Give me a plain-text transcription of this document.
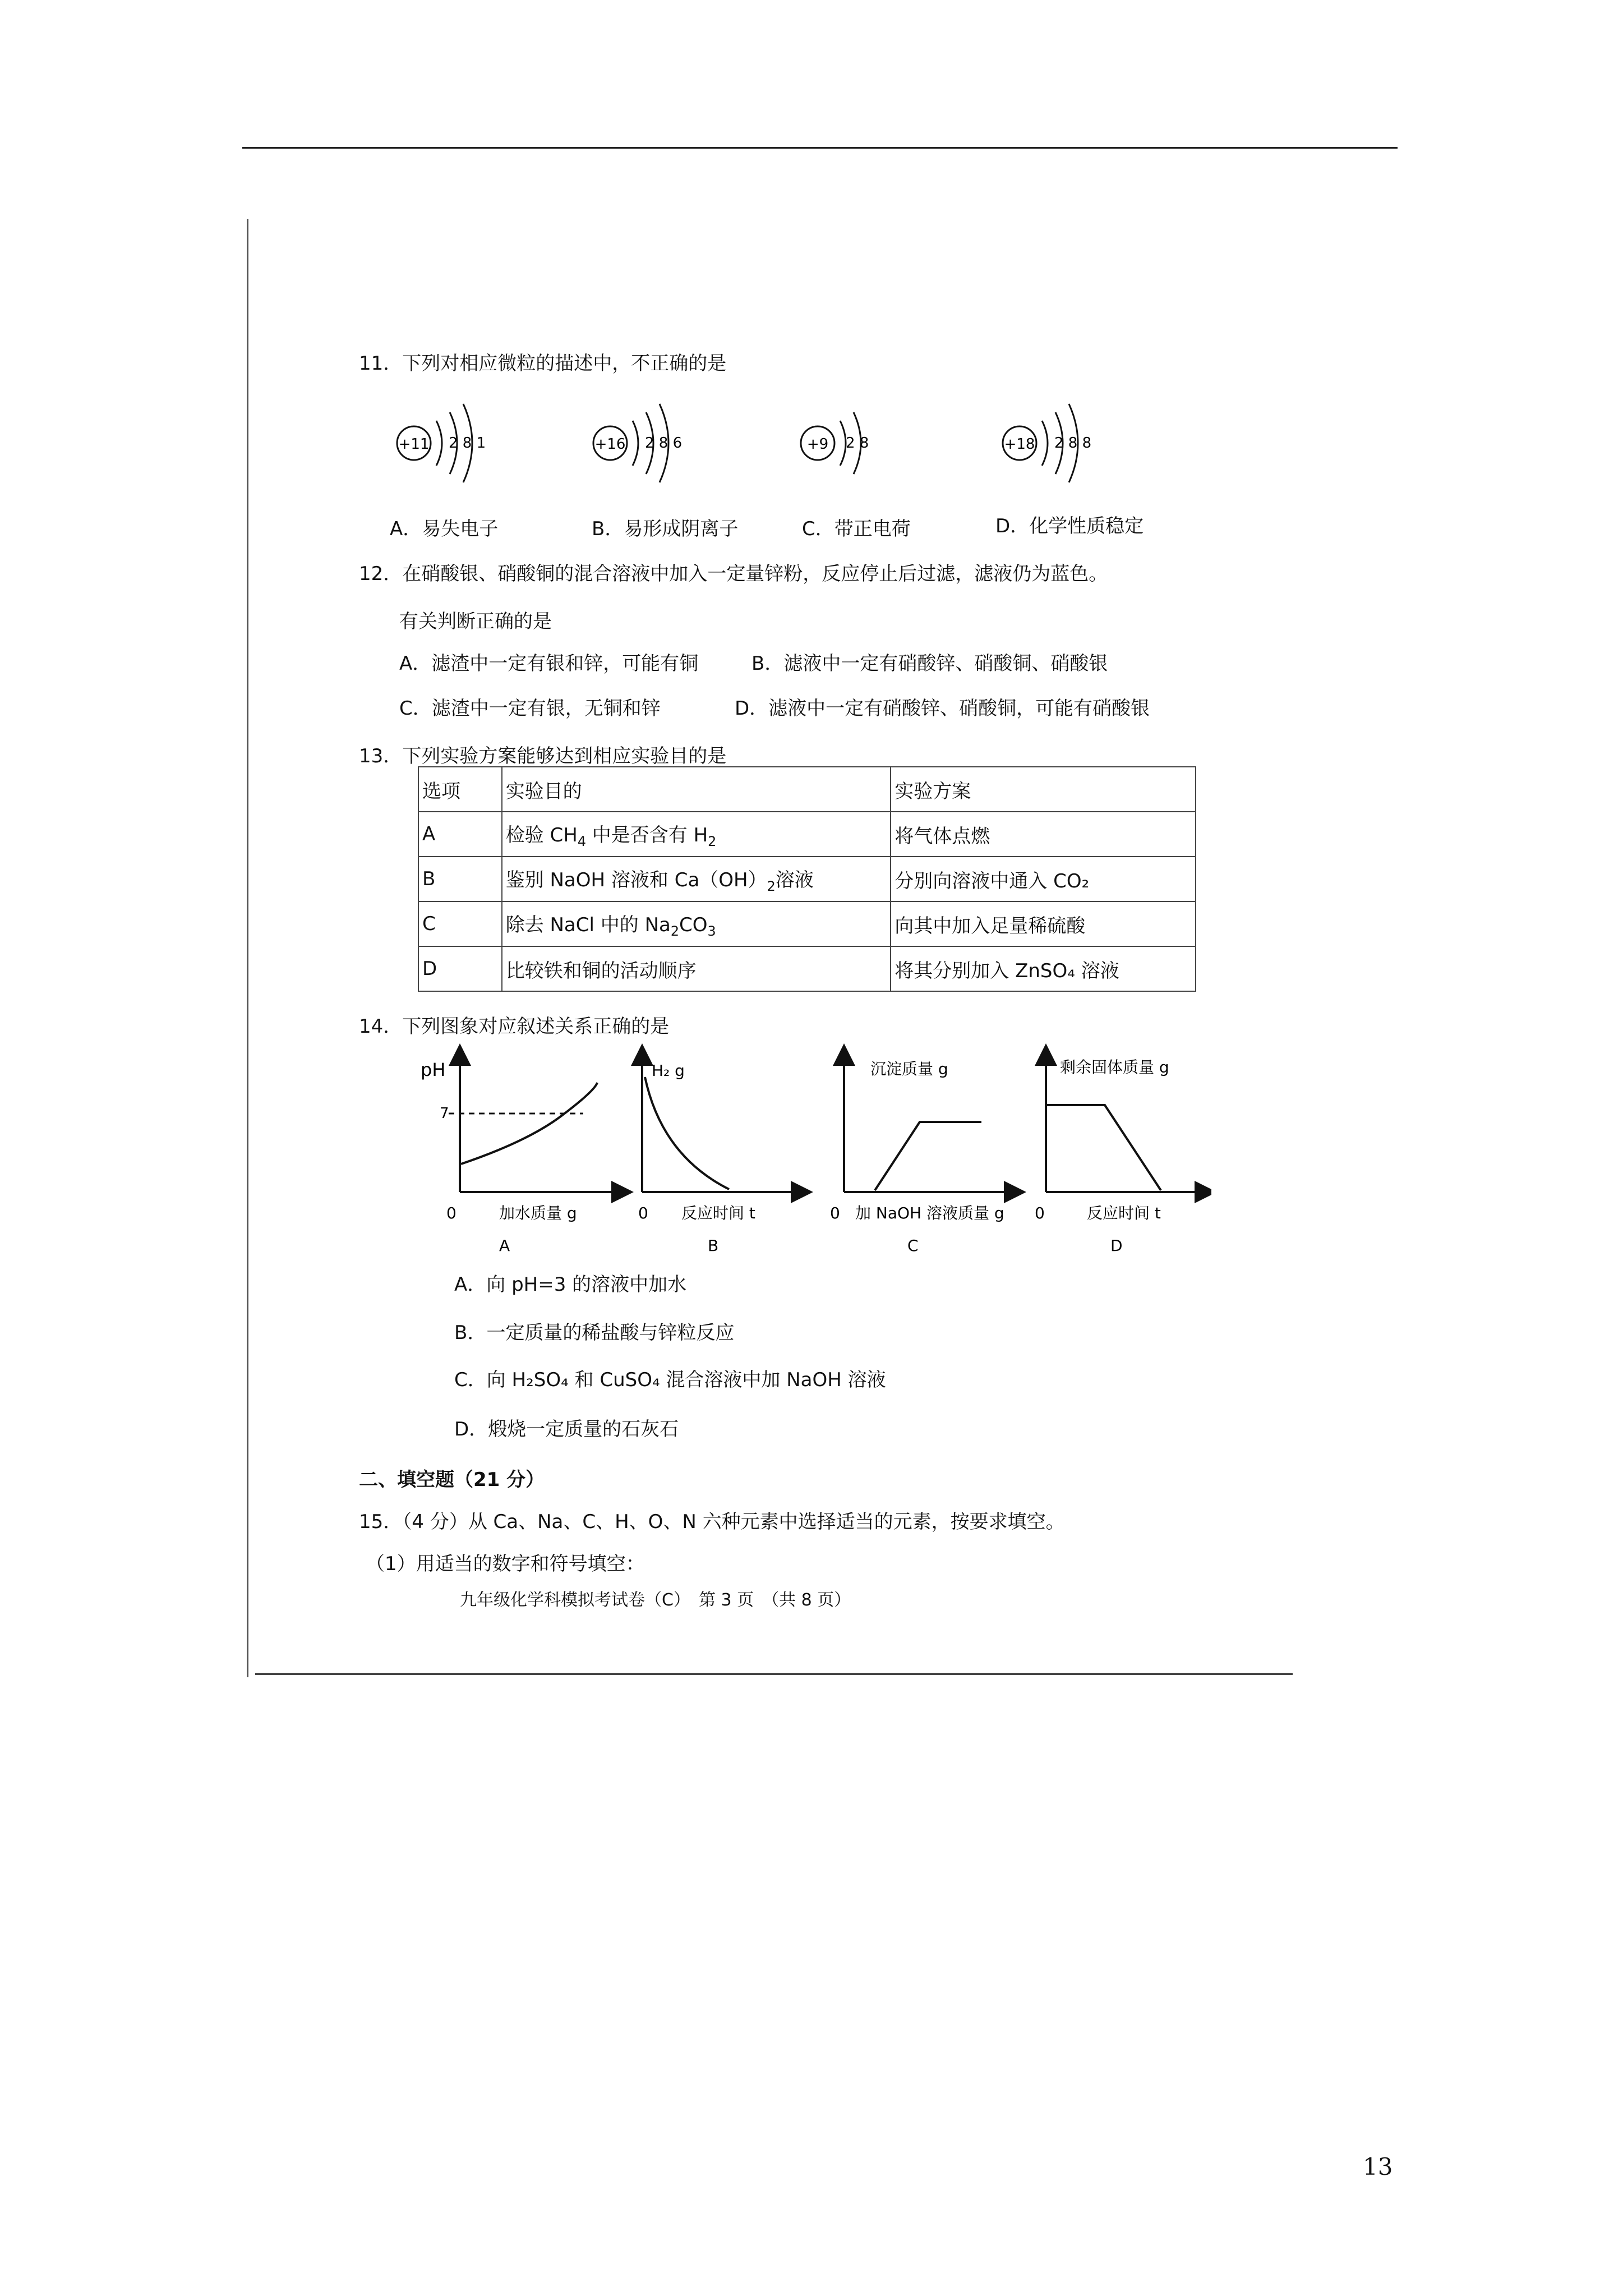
11．下列对相应微粒的描述中，不正确的是
+11 2 8 1	+16 2 8 6	+9 2 8	+18 2 8 8
A．易失电子	B．易形成阴离子	C．带正电荷	D．化学性质稳定
12．在硝酸银、硝酸铜的混合溶液中加入一定量锌粉，反应停止后过滤，滤液仍为蓝色。
有关判断正确的是
A．滤渣中一定有银和锌，可能有铜	B．滤液中一定有硝酸锌、硝酸铜、硝酸银
C．滤渣中一定有银，无铜和锌	D．滤液中一定有硝酸锌、硝酸铜，可能有硝酸银
13．下列实验方案能够达到相应实验目的是
选项	实验目的	实验方案
A	检验 $CH_4$ 中是否含有 $H_2$	将气体点燃
B	鉴别 NaOH 溶液和 $Ca(OH)_2$溶液	分别向溶液中通入 CO₂
C	除去 NaCl 中的 $Na_2CO_3$	向其中加入足量稀硫酸
D	比较铁和铜的活动顺序	将其分别加入 ZnSO₄ 溶液
14．下列图象对应叙述关系正确的是
pH
7
0	加水质量 g
A
H₂ g
0 反应时间 t
B
沉淀质量 g
0 加 NaOH 溶液质量 g
C
剩余固体质量 g
0	反应时间 t
D
A．向 pH=3 的溶液中加水
B．一定质量的稀盐酸与锌粒反应
C．向 H₂SO₄ 和 CuSO₄ 混合溶液中加 NaOH 溶液
D．煅烧一定质量的石灰石
二、填空题（21 分）
15．（4 分）从 Ca、Na、C、H、O、N 六种元素中选择适当的元素，按要求填空。
（1）用适当的数字和符号填空：
九年级化学科模拟考试卷（C）　第 3 页　（共 8 页）
13
